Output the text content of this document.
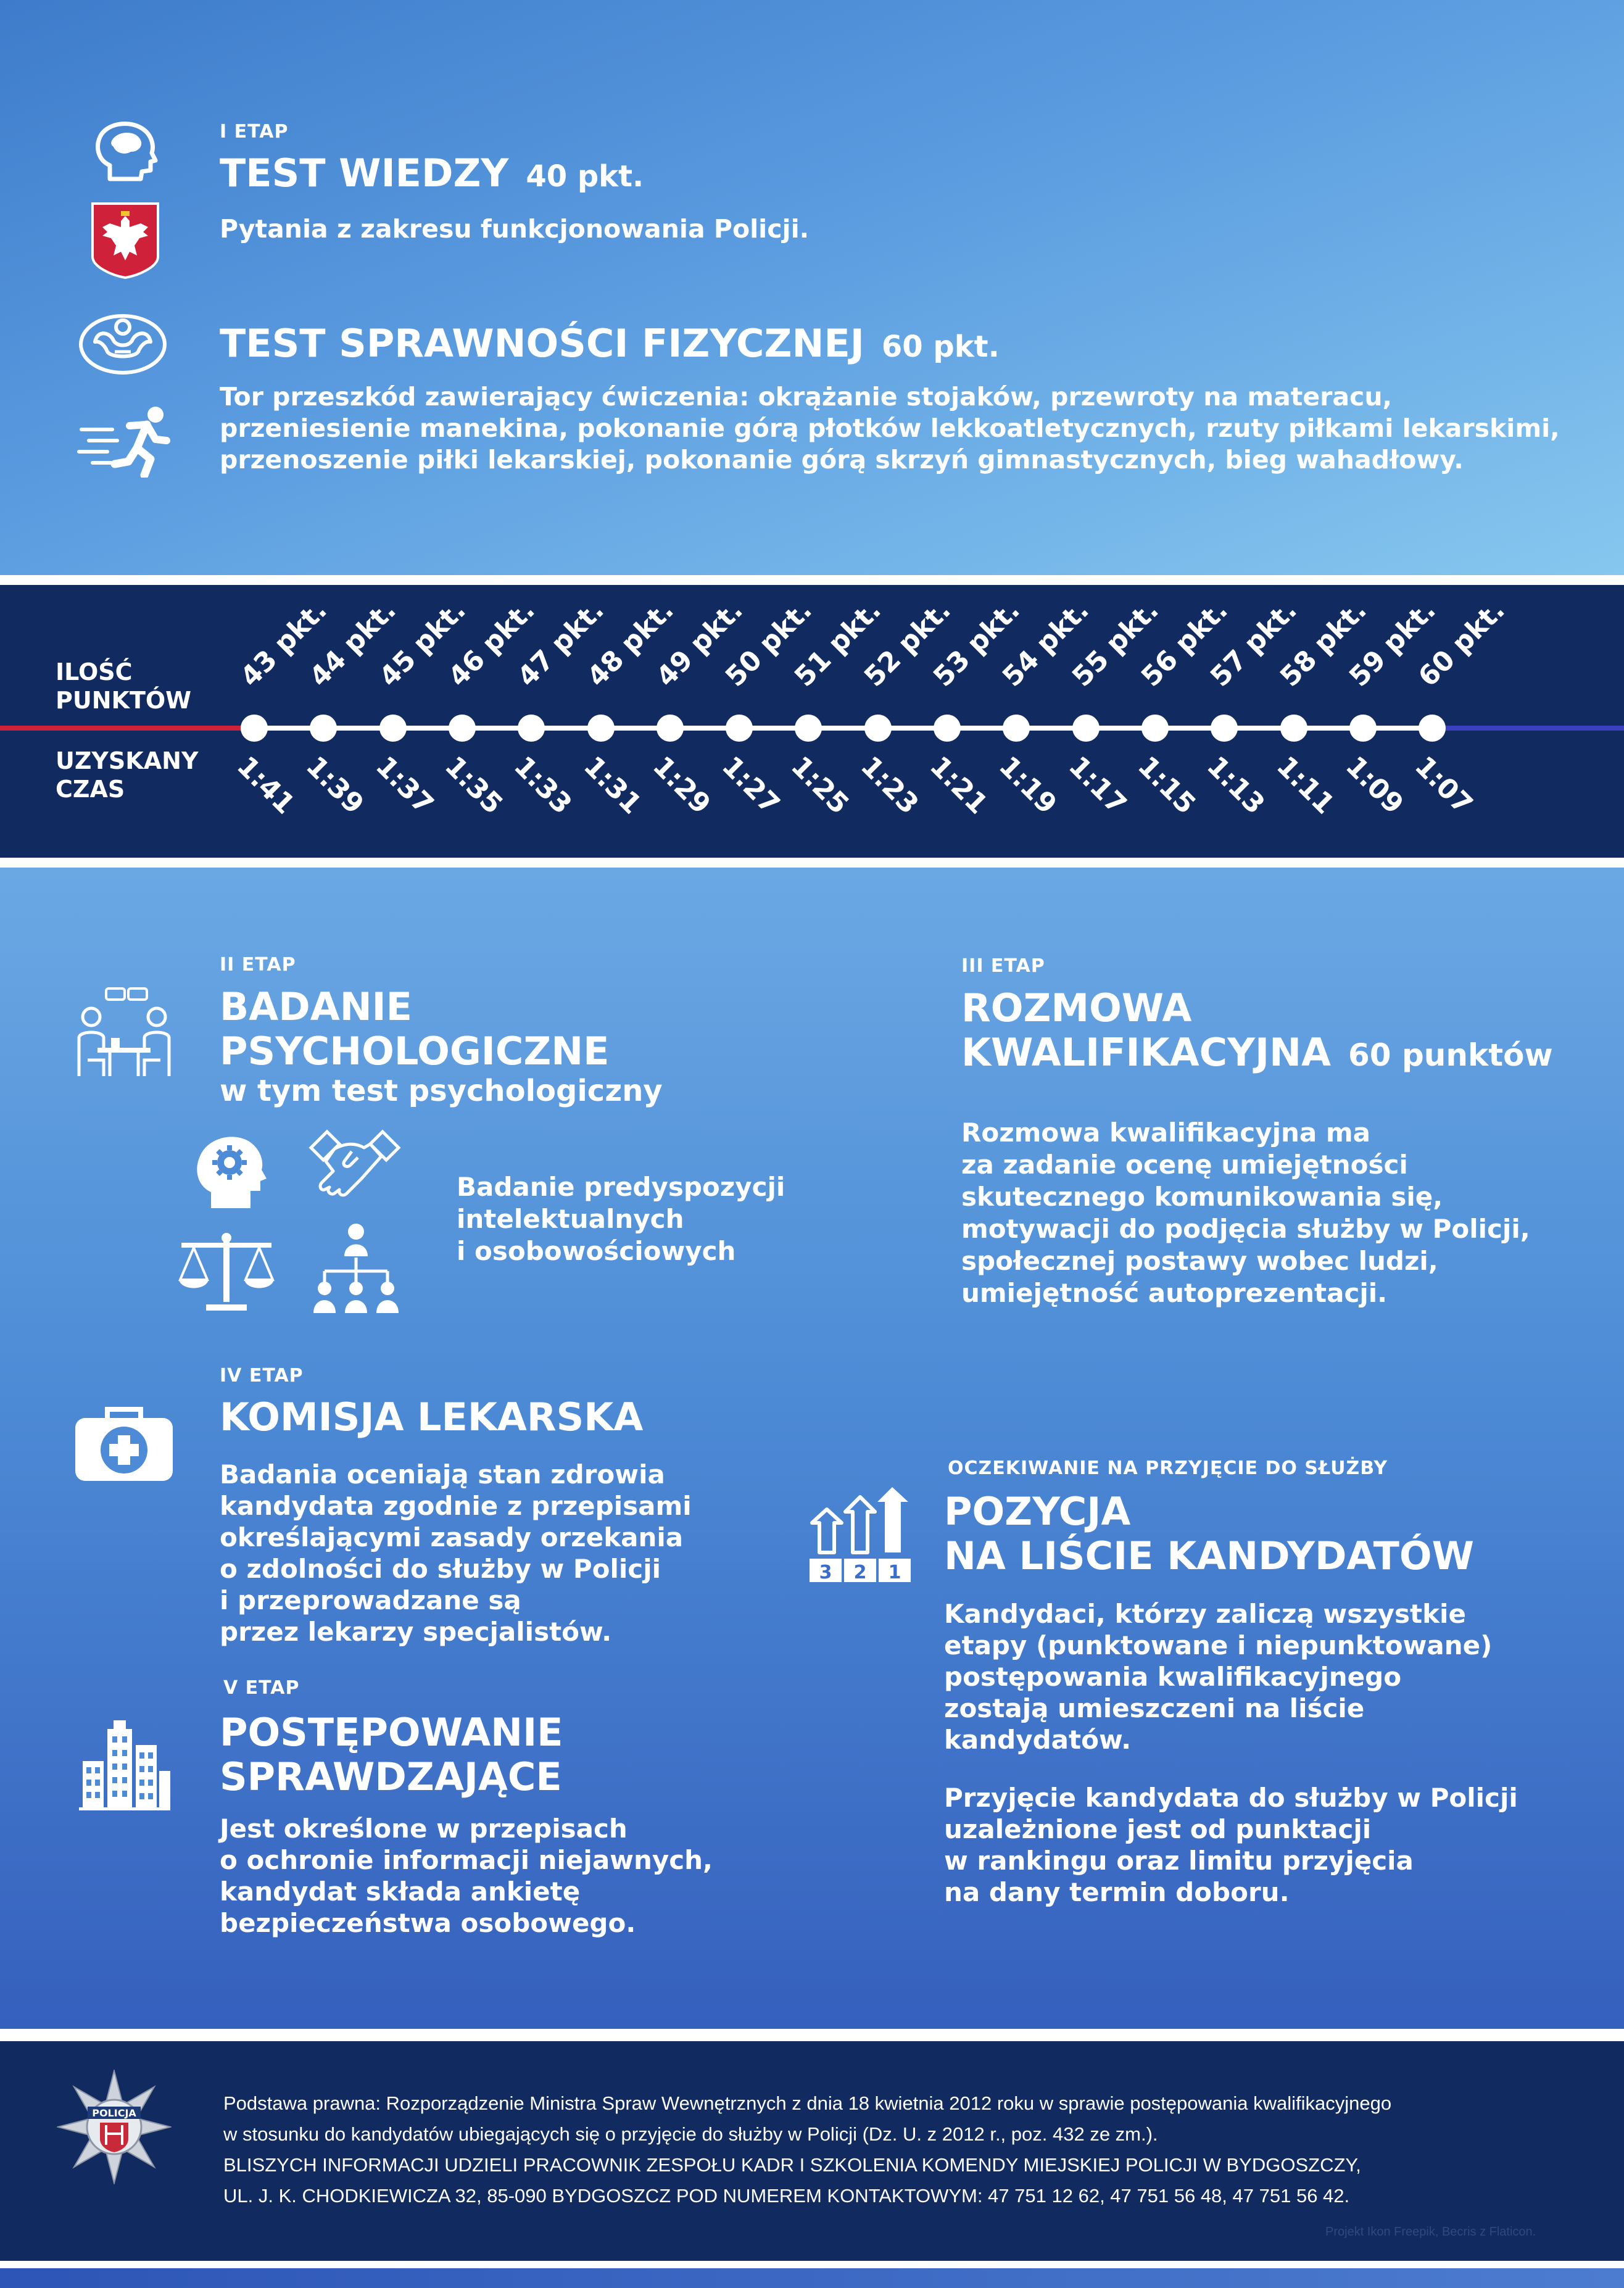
I ETAP
TEST WIEDZY 40 pkt.
Pytania z zakresu funkcjonowania Policji.
TEST SPRAWNOŚCI FIZYCZNEJ 60 pkt.
Tor przeszkód zawierający ćwiczenia: okrążanie stojaków, przewroty na materacu,
przeniesienie manekina, pokonanie górą płotków lekkoatletycznych, rzuty piłkami lekarskimi,
przenoszenie piłki lekarskiej, pokonanie górą skrzyń gimnastycznych, bieg wahadłowy.
ILOŚĆ
PUNKTÓW
UZYSKANY
CZAS
43 pkt.
1:41
44 pkt.
1:39
45 pkt.
1:37
46 pkt.
1:35
47 pkt.
1:33
48 pkt.
1:31
49 pkt.
1:29
50 pkt.
1:27
51 pkt.
1:25
52 pkt.
1:23
53 pkt.
1:21
54 pkt.
1:19
55 pkt.
1:17
56 pkt.
1:15
57 pkt.
1:13
58 pkt.
1:11
59 pkt.
1:09
60 pkt.
1:07
II ETAP
BADANIE
PSYCHOLOGICZNE
w tym test psychologiczny
Badanie predyspozycji
intelektualnych
i osobowościowych
III ETAP
ROZMOWA
KWALIFIKACYJNA 60 punktów
Rozmowa kwalifikacyjna ma
za zadanie ocenę umiejętności
skutecznego komunikowania się,
motywacji do podjęcia służby w Policji,
społecznej postawy wobec ludzi,
umiejętność autoprezentacji.
IV ETAP
KOMISJA LEKARSKA
Badania oceniają stan zdrowia
kandydata zgodnie z przepisami
określającymi zasady orzekania
o zdolności do służby w Policji
i przeprowadzane są
przez lekarzy specjalistów.
V ETAP
POSTĘPOWANIE
SPRAWDZAJĄCE
Jest określone w przepisach
o ochronie informacji niejawnych,
kandydat składa ankietę
bezpieczeństwa osobowego.
3 2 1
OCZEKIWANIE NA PRZYJĘCIE DO SŁUŻBY
POZYCJA
NA LIŚCIE KANDYDATÓW
Kandydaci, którzy zaliczą wszystkie
etapy (punktowane i niepunktowane)
postępowania kwalifikacyjnego
zostają umieszczeni na liście
kandydatów.
Przyjęcie kandydata do służby w Policji
uzależnione jest od punktacji
w rankingu oraz limitu przyjęcia
na dany termin doboru.
POLICJA	Podstawa prawna: Rozporządzenie Ministra Spraw Wewnętrznych z dnia 18 kwietnia 2012 roku w sprawie postępowania kwalifikacyjnego
w stosunku do kandydatów ubiegających się o przyjęcie do służby w Policji (Dz. U. z 2012 r., poz. 432 ze zm.).
BLISZYCH INFORMACJI UDZIELI PRACOWNIK ZESPOŁU KADR I SZKOLENIA KOMENDY MIEJSKIEJ POLICJI W BYDGOSZCZY,
UL. J. K. CHODKIEWICZA 32, 85-090 BYDGOSZCZ POD NUMEREM KONTAKTOWYM: 47 751 12 62, 47 751 56 48, 47 751 56 42.
Projekt Ikon Freepik, Becris z Flaticon.
